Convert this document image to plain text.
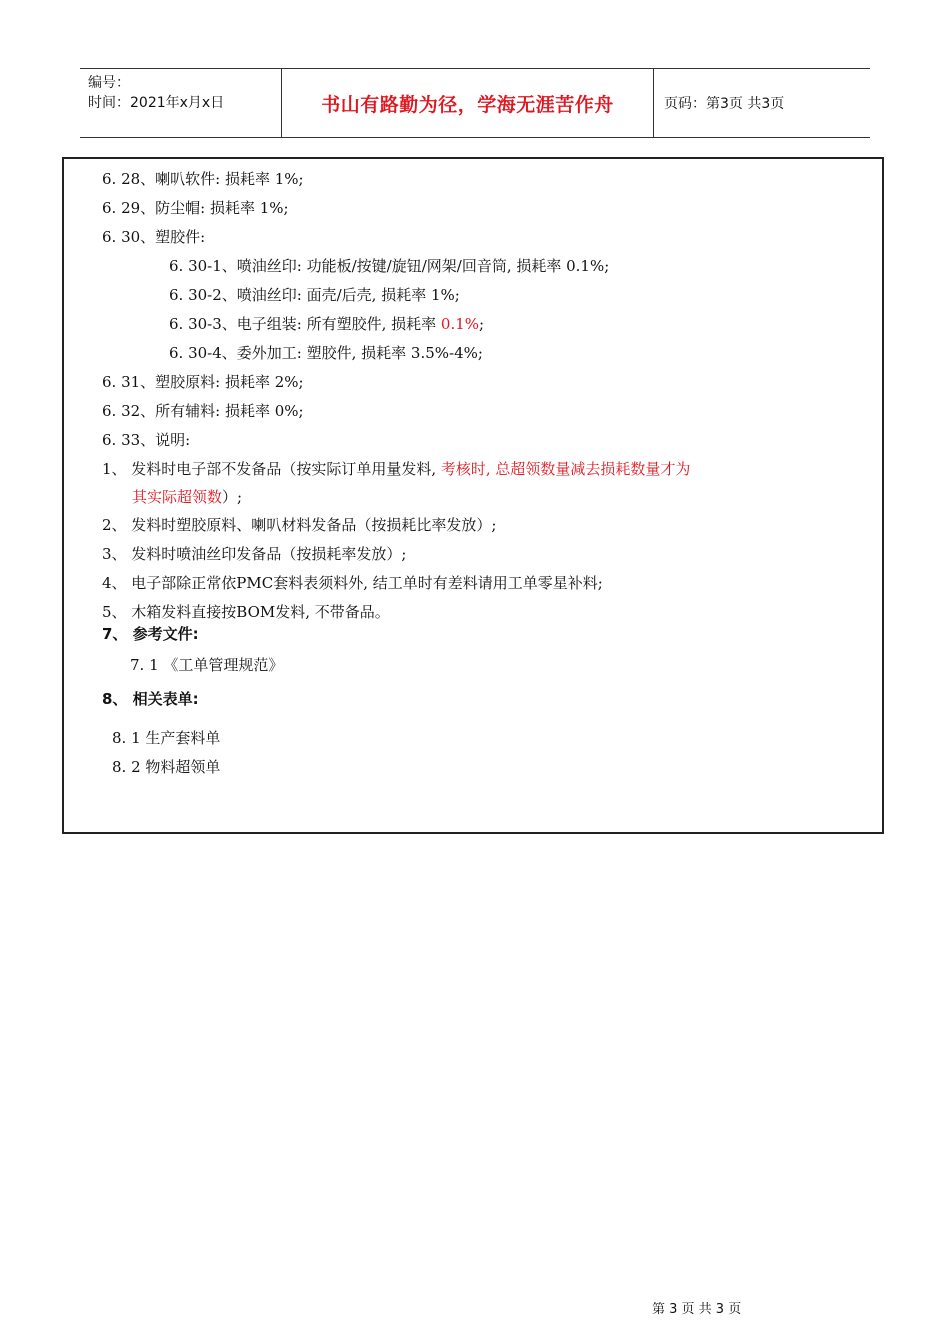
编号：
时间：2021年x月x日	书山有路勤为径，学海无涯苦作舟	页码：第3页 共3页
6. 28、喇叭软件: 损耗率 1%;
6. 29、防尘帽: 损耗率 1%;
6. 30、塑胶件:
6. 30-1、喷油丝印: 功能板/按键/旋钮/网架/回音筒, 损耗率 0.1%;
6. 30-2、喷油丝印: 面壳/后壳, 损耗率 1%;
6. 30-3、电子组装: 所有塑胶件, 损耗率 0.1%;
6. 30-4、委外加工: 塑胶件, 损耗率 3.5%-4%;
6. 31、塑胶原料: 损耗率 2%;
6. 32、所有辅料: 损耗率 0%;
6. 33、说明:
1、 发料时电子部不发备品（按实际订单用量发料, 考核时, 总超领数量减去损耗数量才为
其实际超领数）;
2、 发料时塑胶原料、喇叭材料发备品（按损耗比率发放）;
3、 发料时喷油丝印发备品（按损耗率发放）;
4、 电子部除正常依PMC套料表须料外, 结工单时有差料请用工单零星补料;
5、 木箱发料直接按BOM发料, 不带备品。
7、 参考文件:
7. 1 《工单管理规范》
8、 相关表单:
8. 1 生产套料单
8. 2 物料超领单
第 3 页 共 3 页
